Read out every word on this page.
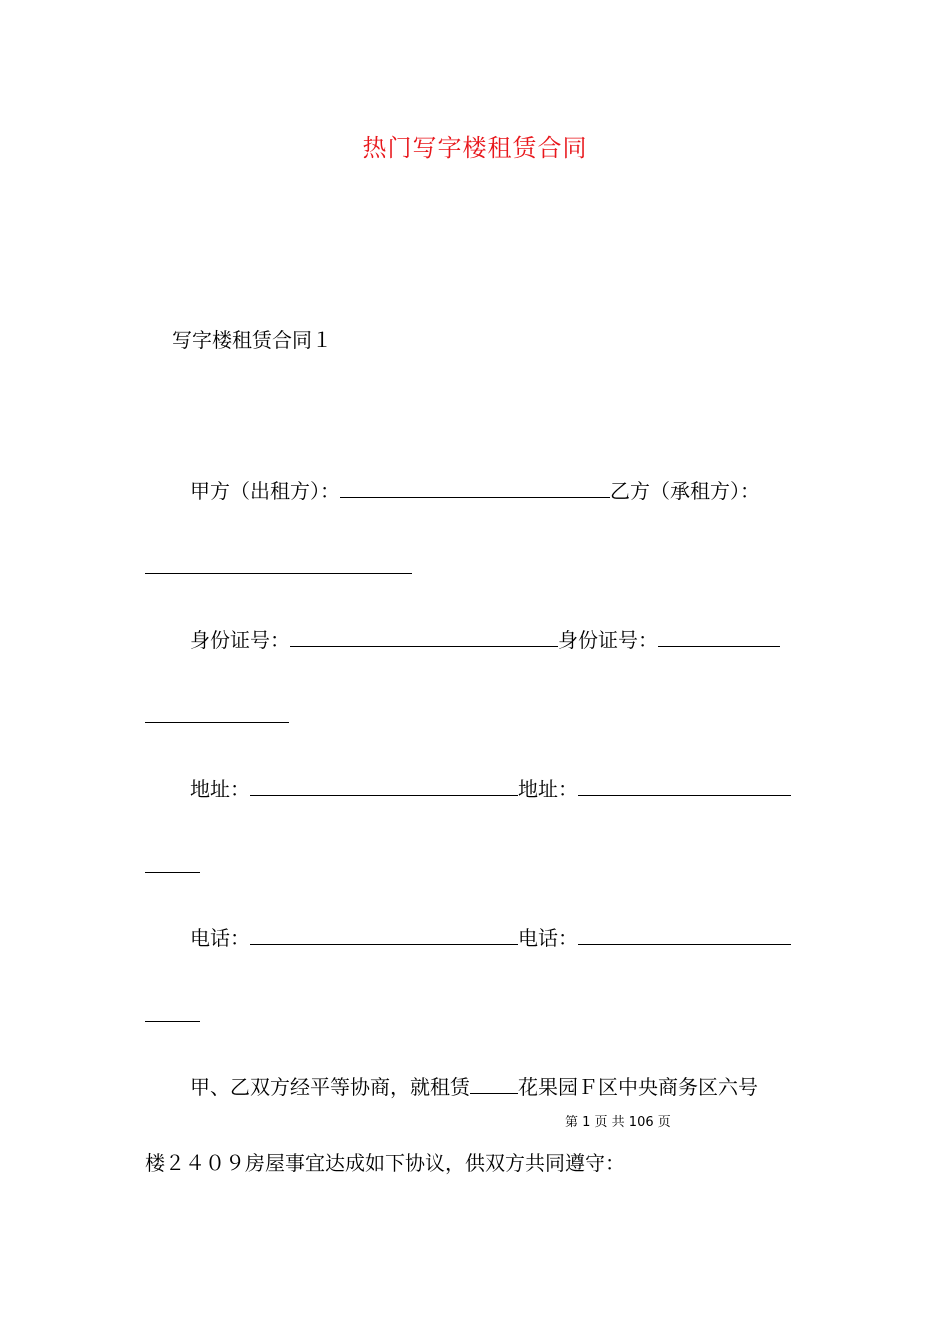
热门写字楼租赁合同
写字楼租赁合同１
甲方（出租方）：	乙方（承租方）：
身份证号：	身份证号：
地址：	地址：
电话：	电话：
甲、乙双方经平等协商，就租赁 花果园Ｆ区中央商务区六号
第 1 页 共 106 页
楼２４０９房屋事宜达成如下协议，供双方共同遵守：
